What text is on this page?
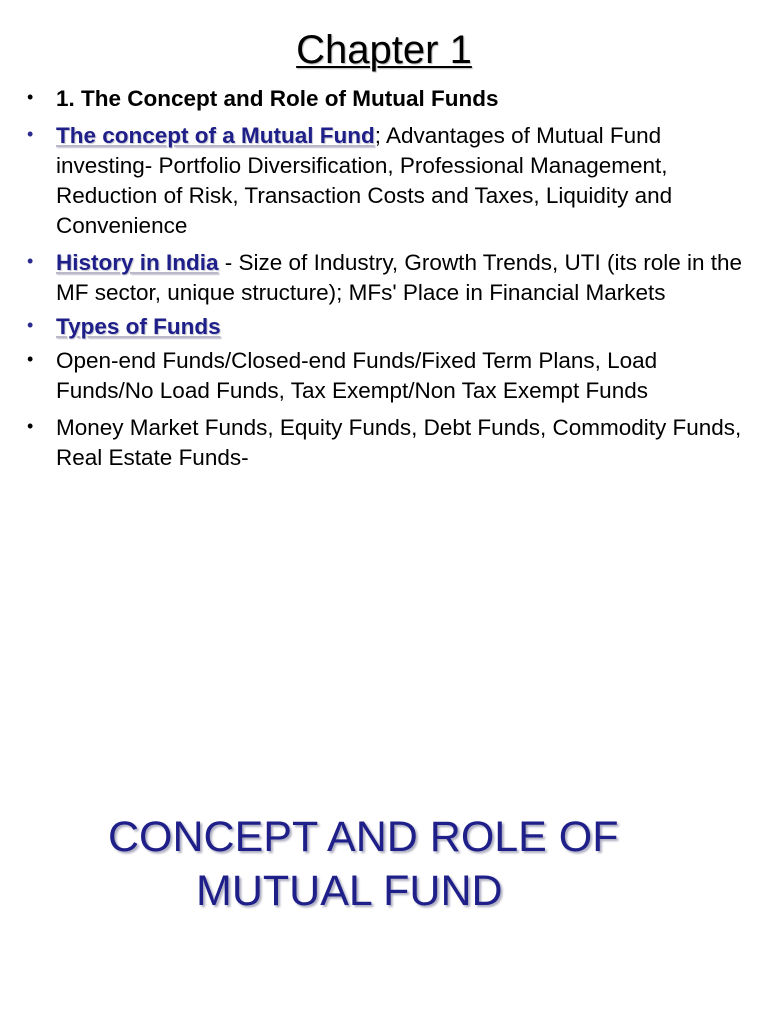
Chapter 1
• 1. The Concept and Role of Mutual Funds
• The concept of a Mutual Fund; Advantages of Mutual Fund investing- Portfolio Diversification, Professional Management, Reduction of Risk, Transaction Costs and Taxes, Liquidity and Convenience
• History in India - Size of Industry, Growth Trends, UTI (its role in the MF sector, unique structure); MFs' Place in Financial Markets
• Types of Funds
• Open-end Funds/Closed-end Funds/Fixed Term Plans, Load Funds/No Load Funds, Tax Exempt/Non Tax Exempt Funds
• Money Market Funds, Equity Funds, Debt Funds, Commodity Funds, Real Estate Funds-
CONCEPT AND ROLE OF
MUTUAL FUND
